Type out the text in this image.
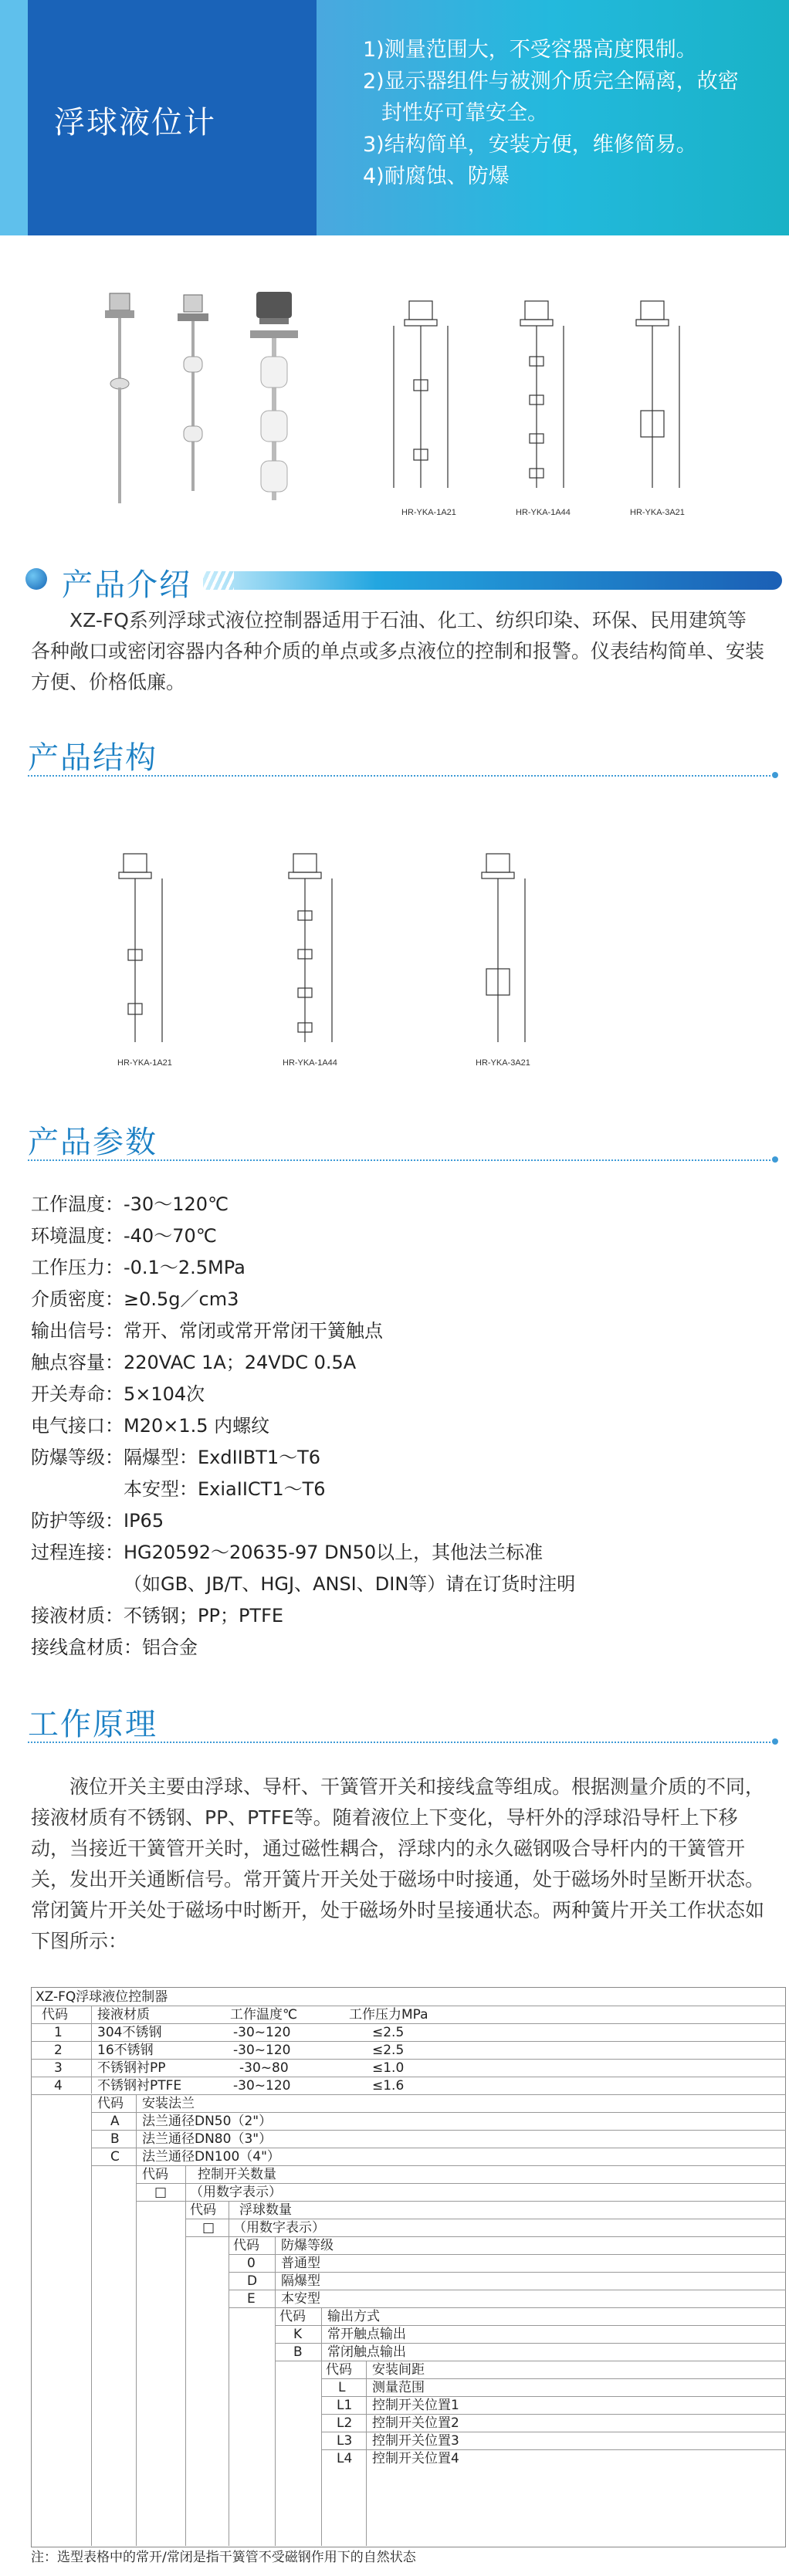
浮球液位计
1)测量范围大，不受容器高度限制。
2)显示器组件与被测介质完全隔离，故密
封性好可靠安全。
3)结构简单，安装方便，维修简易。
4)耐腐蚀、防爆
HR-YKA-1A21	HR-YKA-1A44	HR-YKA-3A21
产品介绍
XZ-FQ系列浮球式液位控制器适用于石油、化工、纺织印染、环保、民用建筑等各种敞口或密闭容器内各种介质的单点或多点液位的控制和报警。仪表结构简单、安装方便、价格低廉。
产品结构
HR-YKA-1A21	HR-YKA-1A44	HR-YKA-3A21
产品参数
工作温度：-30～120℃
环境温度：-40～70℃
工作压力：-0.1～2.5MPa
介质密度：≥0.5g／cm3
输出信号：常开、常闭或常开常闭干簧触点
触点容量：220VAC 1A；24VDC 0.5A
开关寿命：5×104次
电气接口：M20×1.5 内螺纹
防爆等级：隔爆型：ExdIIBT1～T6
本安型：ExiaIICT1～T6
防护等级：IP65
过程连接：HG20592～20635-97 DN50以上，其他法兰标准
（如GB、JB/T、HGJ、ANSI、DIN等）请在订货时注明
接液材质：不锈钢；PP；PTFE
接线盒材质：铝合金
工作原理
液位开关主要由浮球、导杆、干簧管开关和接线盒等组成。根据测量介质的不同，接液材质有不锈钢、PP、PTFE等。随着液位上下变化，导杆外的浮球沿导杆上下移动，当接近干簧管开关时，通过磁性耦合，浮球内的永久磁钢吸合导杆内的干簧管开关，发出开关通断信号。常开簧片开关处于磁场中时接通，处于磁场外时呈断开状态。常闭簧片开关处于磁场中时断开，处于磁场外时呈接通状态。两种簧片开关工作状态如下图所示：
XZ-FQ浮球液位控制器
代码 接液材质	工作温度℃	工作压力MPa
1	304不锈钢	-30~120	≤2.5
2	16不锈钢	-30~120	≤2.5
3	不锈钢衬PP	-30~80	≤1.0
4	不锈钢衬PTFE	-30~120	≤1.6
代码 安装法兰
A 法兰通径DN50（2"）
B 法兰通径DN80（3"）
C 法兰通径DN100（4"）
代码 控制开关数量
□ （用数字表示）
代码 浮球数量
□ （用数字表示）
代码 防爆等级
0 普通型
D 隔爆型
E 本安型
代码 输出方式
K 常开触点输出
B 常闭触点输出
代码 安装间距
L 测量范围
L1 控制开关位置1
L2 控制开关位置2
L3 控制开关位置3
L4 控制开关位置4
注：选型表格中的常开/常闭是指干簧管不受磁钢作用下的自然状态
